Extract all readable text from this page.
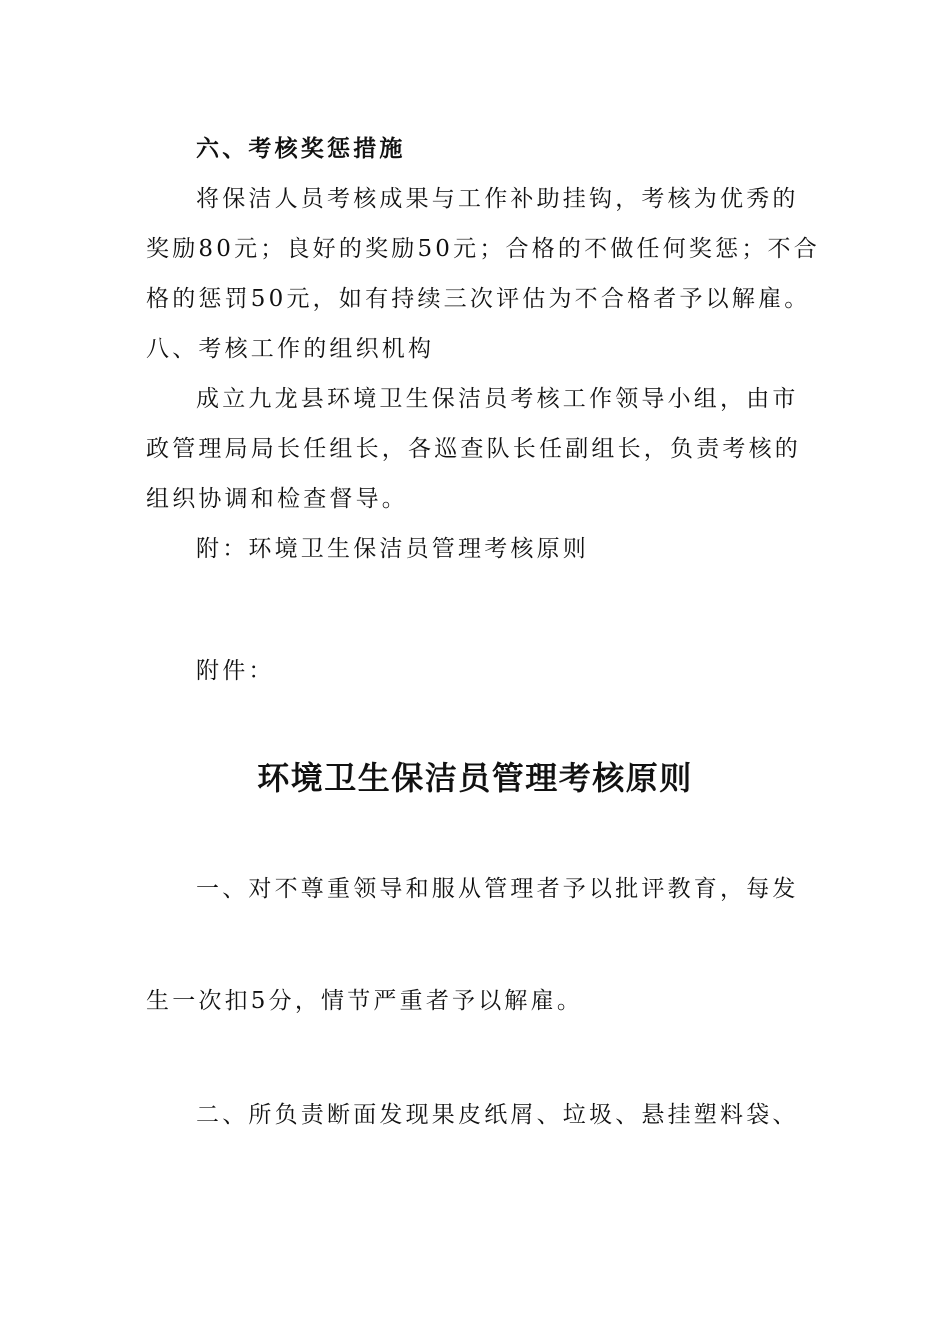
六、考核奖惩措施
将保洁人员考核成果与工作补助挂钩，考核为优秀的
奖励80元；良好的奖励50元；合格的不做任何奖惩；不合
格的惩罚50元，如有持续三次评估为不合格者予以解雇。
八、考核工作的组织机构
成立九龙县环境卫生保洁员考核工作领导小组，由市
政管理局局长任组长，各巡查队长任副组长，负责考核的
组织协调和检查督导。
附：环境卫生保洁员管理考核原则
附件：
环境卫生保洁员管理考核原则
一、对不尊重领导和服从管理者予以批评教育，每发
生一次扣5分，情节严重者予以解雇。
二、所负责断面发现果皮纸屑、垃圾、悬挂塑料袋、
